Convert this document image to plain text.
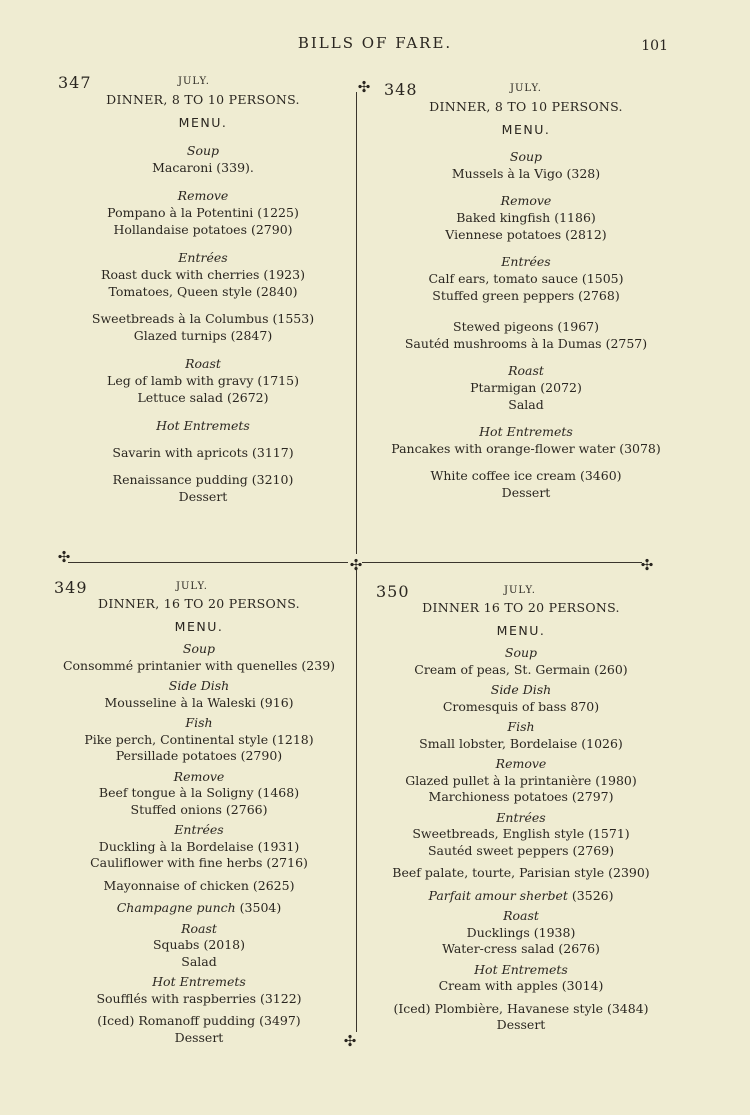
BILLS OF FARE.	101
✣
✣	✣	✣
✣
347	JULY.
DINNER, 8 TO 10 PERSONS.
MENU.
Soup
Macaroni (339).
Remove
Pompano à la Potentini (1225)
Hollandaise potatoes (2790)
Entrées
Roast duck with cherries (1923)
Tomatoes, Queen style (2840)
Sweetbreads à la Columbus (1553)
Glazed turnips (2847)
Roast
Leg of lamb with gravy (1715)
Lettuce salad (2672)
Hot Entremets
Savarin with apricots (3117)
Renaissance pudding (3210)
Dessert
348	JULY.
DINNER, 8 TO 10 PERSONS.
MENU.
Soup
Mussels à la Vigo (328)
Remove
Baked kingfish (1186)
Viennese potatoes (2812)
Entrées
Calf ears, tomato sauce (1505)
Stuffed green peppers (2768)
Stewed pigeons (1967)
Sautéd mushrooms à la Dumas (2757)
Roast
Ptarmigan (2072)
Salad
Hot Entremets
Pancakes with orange-flower water (3078)
White coffee ice cream (3460)
Dessert
349	JULY.
DINNER, 16 TO 20 PERSONS.
MENU.
Soup
Consommé printanier with quenelles (239)
Side Dish
Mousseline à la Waleski (916)
Fish
Pike perch, Continental style (1218)
Persillade potatoes (2790)
Remove
Beef tongue à la Soligny (1468)
Stuffed onions (2766)
Entrées
Duckling à la Bordelaise (1931)
Cauliflower with fine herbs (2716)
Mayonnaise of chicken (2625)
Champagne punch (3504)
Roast
Squabs (2018)
Salad
Hot Entremets
Soufflés with raspberries (3122)
(Iced) Romanoff pudding (3497)
Dessert
350	JULY.
DINNER 16 TO 20 PERSONS.
MENU.
Soup
Cream of peas, St. Germain (260)
Side Dish
Cromesquis of bass 870)
Fish
Small lobster, Bordelaise (1026)
Remove
Glazed pullet à la printanière (1980)
Marchioness potatoes (2797)
Entrées
Sweetbreads, English style (1571)
Sautéd sweet peppers (2769)
Beef palate, tourte, Parisian style (2390)
Parfait amour sherbet (3526)
Roast
Ducklings (1938)
Water-cress salad (2676)
Hot Entremets
Cream with apples (3014)
(Iced) Plombière, Havanese style (3484)
Dessert
